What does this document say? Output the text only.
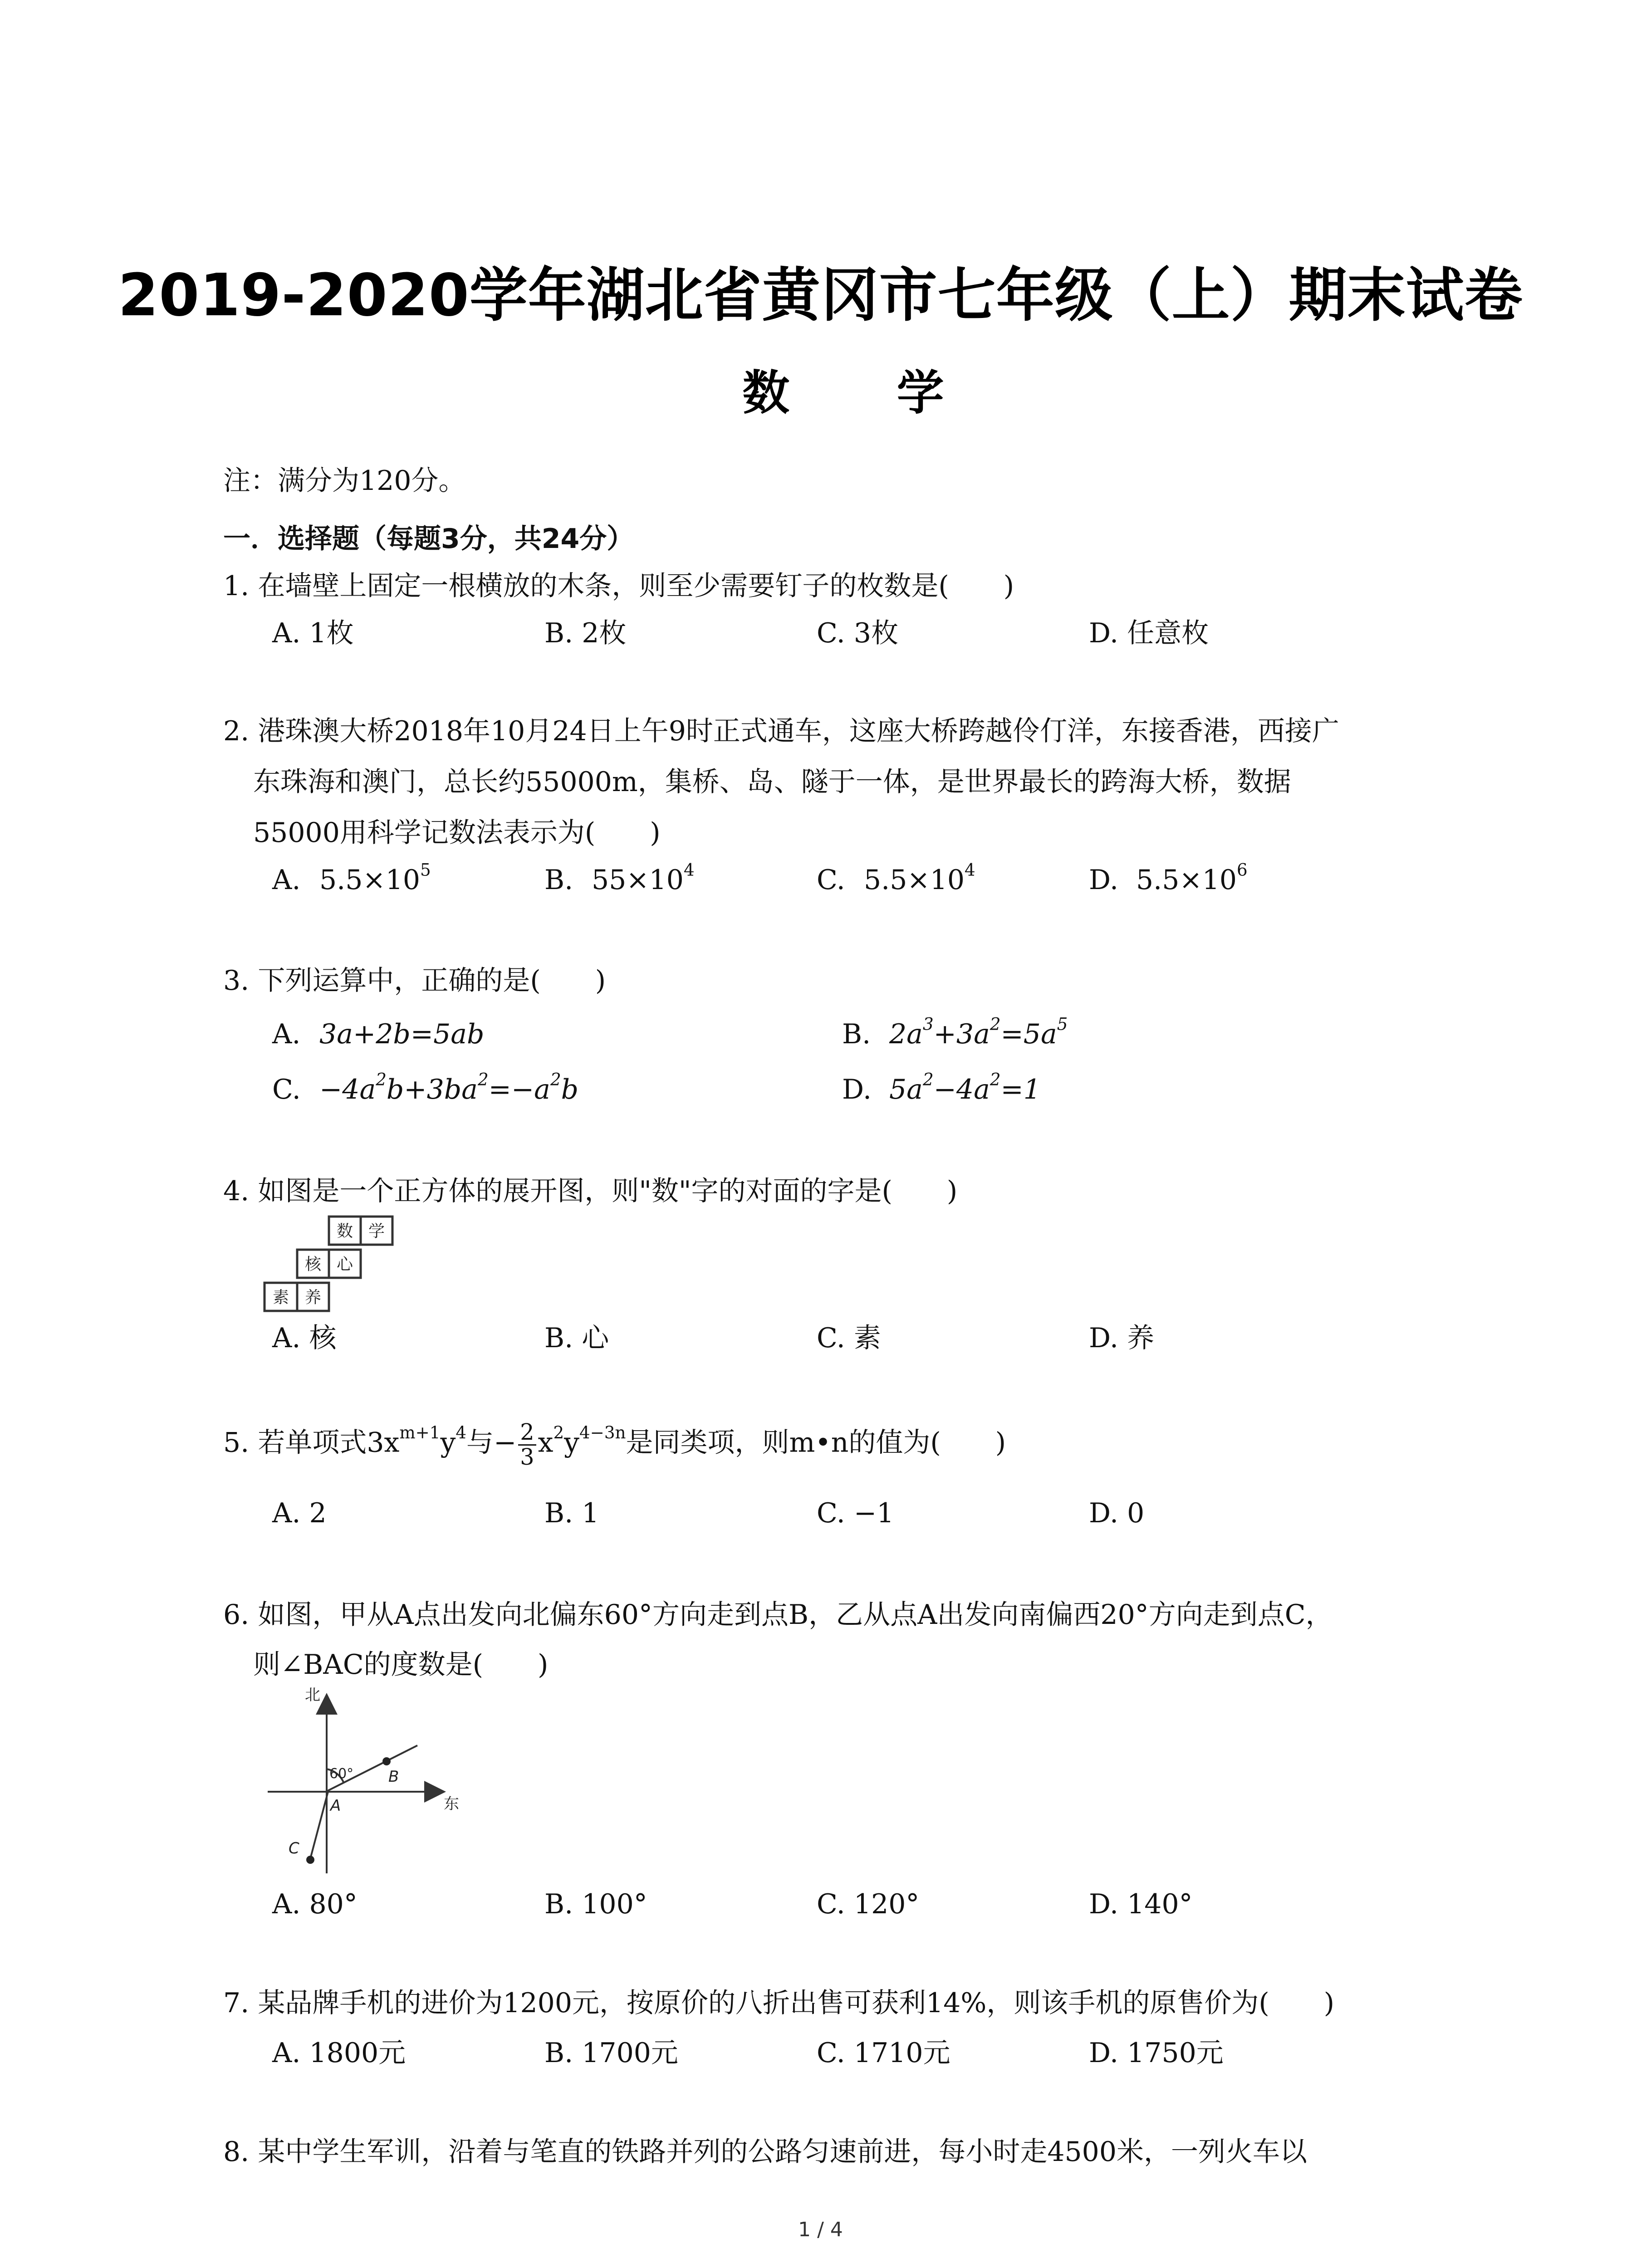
2019-2020学年湖北省黄冈市七年级（上）期末试卷
数 学
注：满分为120分。
一．选择题（每题3分，共24分）
1. 在墙壁上固定一根横放的木条，则至少需要钉子的枚数是(　　)
A. 1枚	B. 2枚	C. 3枚	D. 任意枚
2. 港珠澳大桥2018年10月24日上午9时正式通车，这座大桥跨越伶仃洋，东接香港，西接广
东珠海和澳门，总长约55000m，集桥、岛、隧于一体，是世界最长的跨海大桥，数据
55000用科学记数法表示为(　　)
A. $5.5\times 10^5$	B. $55\times 10^4$	C. $5.5\times 10^4$	D. $5.5\times 10^6$
3. 下列运算中，正确的是(　　)
A. 3a+2b=5ab	B. $2a^3+3a^2=5a^5$
C. $-4a^2b+3ba^2=-a^2b$	D. $5a^2-4a^2=1$
4. 如图是一个正方体的展开图，则"数"字的对面的字是(　　)
数 学
核 心
素 养
A. 核	B. 心	C. 素	D. 养
5. 若单项式$3x^{m+1}y^4$与− $\frac{2}{3} x^2y^{4-3n}$是同类项，则m•n的值为(　　)
A. 2	B. 1	C. −1	D. 0
6. 如图，甲从A点出发向北偏东60°方向走到点B，乙从点A出发向南偏西20°方向走到点C，
则∠BAC的度数是(　　)
北
东
60°
A
B
C
A. 80°	B. 100°	C. 120°	D. 140°
7. 某品牌手机的进价为1200元，按原价的八折出售可获利14%，则该手机的原售价为(　　)
A. 1800元	B. 1700元	C. 1710元	D. 1750元
8. 某中学生军训，沿着与笔直的铁路并列的公路匀速前进，每小时走4500米，一列火车以
1 / 4
